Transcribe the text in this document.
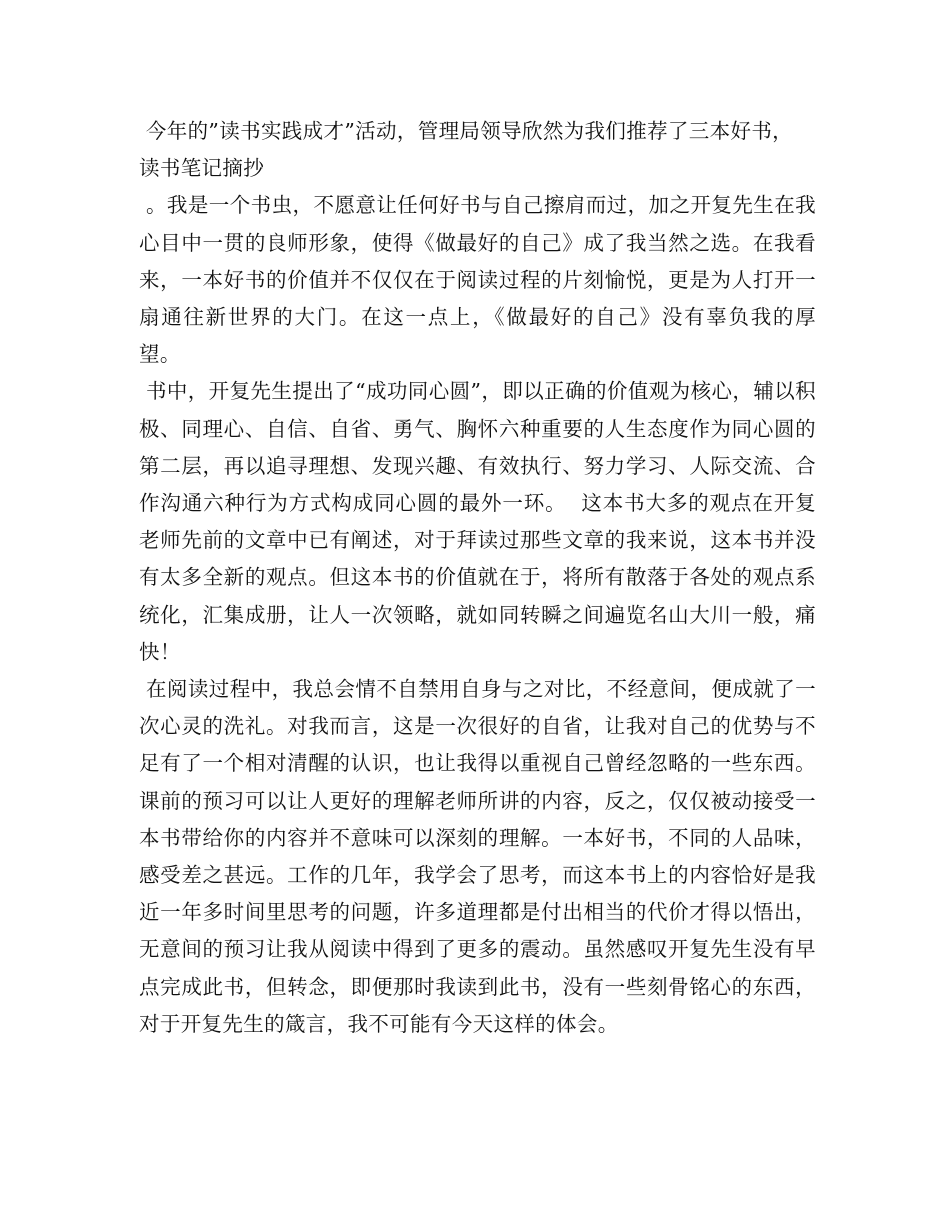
今年的”读书实践成才”活动，管理局领导欣然为我们推荐了三本好书，

读书笔记摘抄

。我是一个书虫，不愿意让任何好书与自己擦肩而过，加之开复先生在我心目中一贯的良师形象，使得《做最好的自己》成了我当然之选。在我看来，一本好书的价值并不仅仅在于阅读过程的片刻愉悦，更是为人打开一扇通往新世界的大门。在这一点上，《做最好的自己》没有辜负我的厚望。

书中，开复先生提出了“成功同心圆”，即以正确的价值观为核心，辅以积极、同理心、自信、自省、勇气、胸怀六种重要的人生态度作为同心圆的第二层，再以追寻理想、发现兴趣、有效执行、努力学习、人际交流、合作沟通六种行为方式构成同心圆的最外一环。  这本书大多的观点在开复老师先前的文章中已有阐述，对于拜读过那些文章的我来说，这本书并没有太多全新的观点。但这本书的价值就在于，将所有散落于各处的观点系统化，汇集成册，让人一次领略，就如同转瞬之间遍览名山大川一般，痛快！

在阅读过程中，我总会情不自禁用自身与之对比，不经意间，便成就了一次心灵的洗礼。对我而言，这是一次很好的自省，让我对自己的优势与不足有了一个相对清醒的认识，也让我得以重视自己曾经忽略的一些东西。课前的预习可以让人更好的理解老师所讲的内容，反之，仅仅被动接受一本书带给你的内容并不意味可以深刻的理解。一本好书，不同的人品味，感受差之甚远。工作的几年，我学会了思考，而这本书上的内容恰好是我近一年多时间里思考的问题，许多道理都是付出相当的代价才得以悟出，无意间的预习让我从阅读中得到了更多的震动。虽然感叹开复先生没有早点完成此书，但转念，即便那时我读到此书，没有一些刻骨铭心的东西，对于开复先生的箴言，我不可能有今天这样的体会。
